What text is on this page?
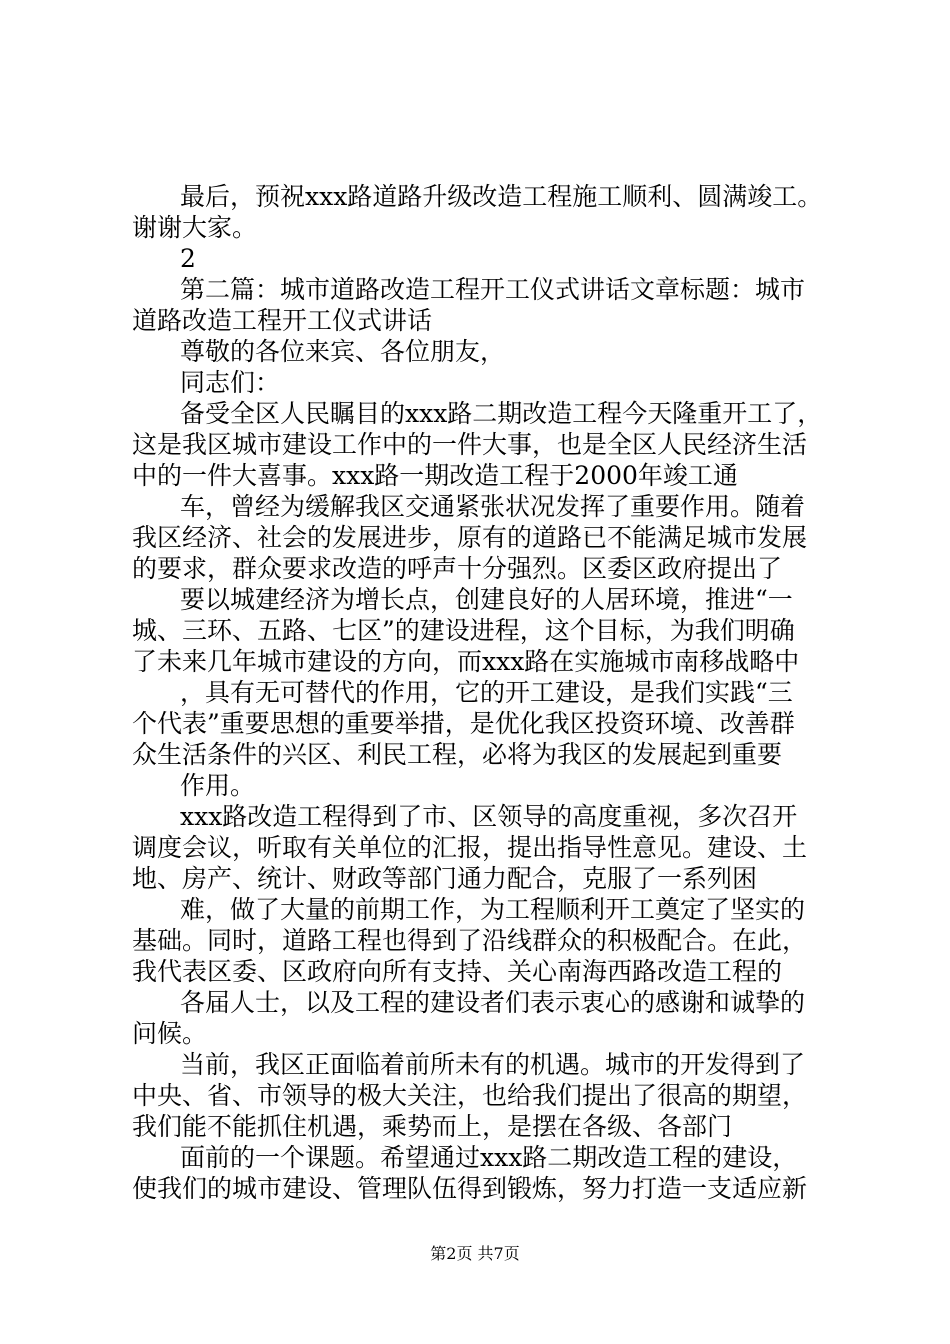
最后，预祝xxx路道路升级改造工程施工顺利、圆满竣工。
谢谢大家。
2
第二篇：城市道路改造工程开工仪式讲话文章标题：城市
道路改造工程开工仪式讲话
尊敬的各位来宾、各位朋友，
同志们：
备受全区人民瞩目的xxx路二期改造工程今天隆重开工了，
这是我区城市建设工作中的一件大事，也是全区人民经济生活
中的一件大喜事。xxx路一期改造工程于2000年竣工通
车，曾经为缓解我区交通紧张状况发挥了重要作用。随着
我区经济、社会的发展进步，原有的道路已不能满足城市发展
的要求，群众要求改造的呼声十分强烈。区委区政府提出了
要以城建经济为增长点，创建良好的人居环境，推进“一
城、三环、五路、七区”的建设进程，这个目标，为我们明确
了未来几年城市建设的方向，而xxx路在实施城市南移战略中
，具有无可替代的作用，它的开工建设，是我们实践“三
个代表”重要思想的重要举措，是优化我区投资环境、改善群
众生活条件的兴区、利民工程，必将为我区的发展起到重要
作用。
xxx路改造工程得到了市、区领导的高度重视，多次召开
调度会议，听取有关单位的汇报，提出指导性意见。建设、土
地、房产、统计、财政等部门通力配合，克服了一系列困
难，做了大量的前期工作，为工程顺利开工奠定了坚实的
基础。同时，道路工程也得到了沿线群众的积极配合。在此，
我代表区委、区政府向所有支持、关心南海西路改造工程的
各届人士，以及工程的建设者们表示衷心的感谢和诚挚的
问候。
当前，我区正面临着前所未有的机遇。城市的开发得到了
中央、省、市领导的极大关注，也给我们提出了很高的期望，
我们能不能抓住机遇，乘势而上，是摆在各级、各部门
面前的一个课题。希望通过xxx路二期改造工程的建设，
使我们的城市建设、管理队伍得到锻炼，努力打造一支适应新
第2页 共7页
